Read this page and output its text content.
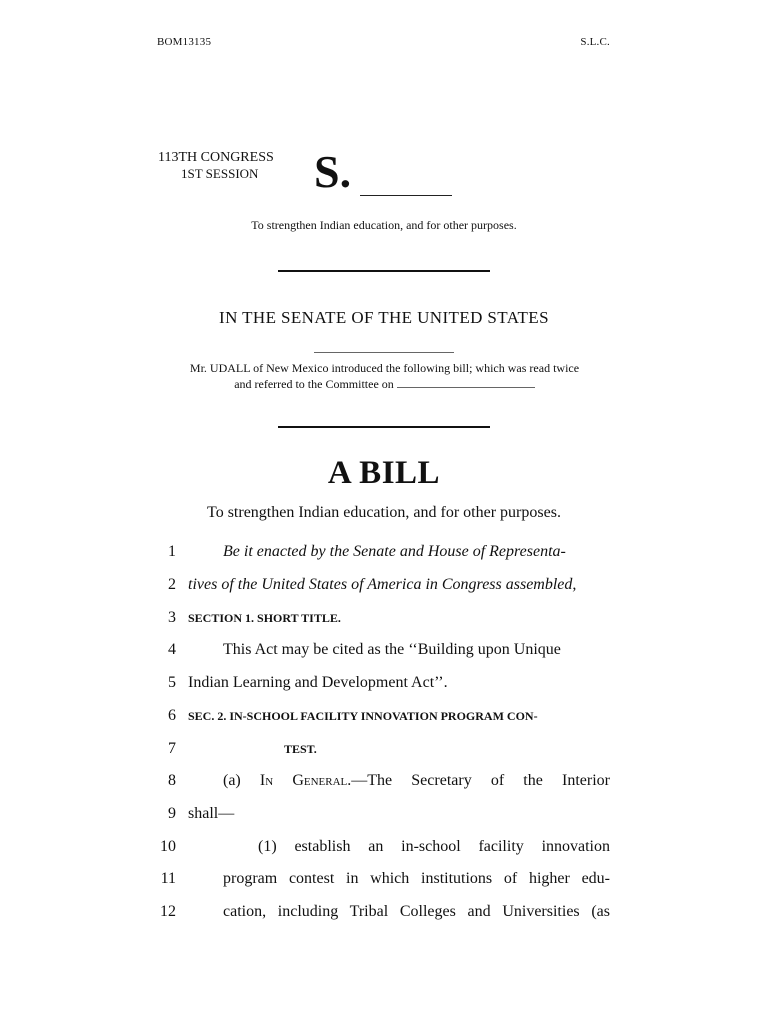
BOM13135	S.L.C.
113TH CONGRESS
1ST SESSION S.
To strengthen Indian education, and for other purposes.
IN THE SENATE OF THE UNITED STATES
Mr. UDALL of New Mexico introduced the following bill; which was read twice
and referred to the Committee on
A BILL
To strengthen Indian education, and for other purposes.
1	Be it enacted by the Senate and House of Representa-
2 tives of the United States of America in Congress assembled,
3 SECTION 1. SHORT TITLE.
4	This Act may be cited as the ‘‘Building upon Unique
5 Indian Learning and Development Act’’.
6 SEC. 2. IN-SCHOOL FACILITY INNOVATION PROGRAM CON-
7	TEST.
8	(a) In General.—The Secretary of the Interior
9 shall—
10	(1) establish an in-school facility innovation
11	program contest in which institutions of higher edu-
12	cation, including Tribal Colleges and Universities (as
